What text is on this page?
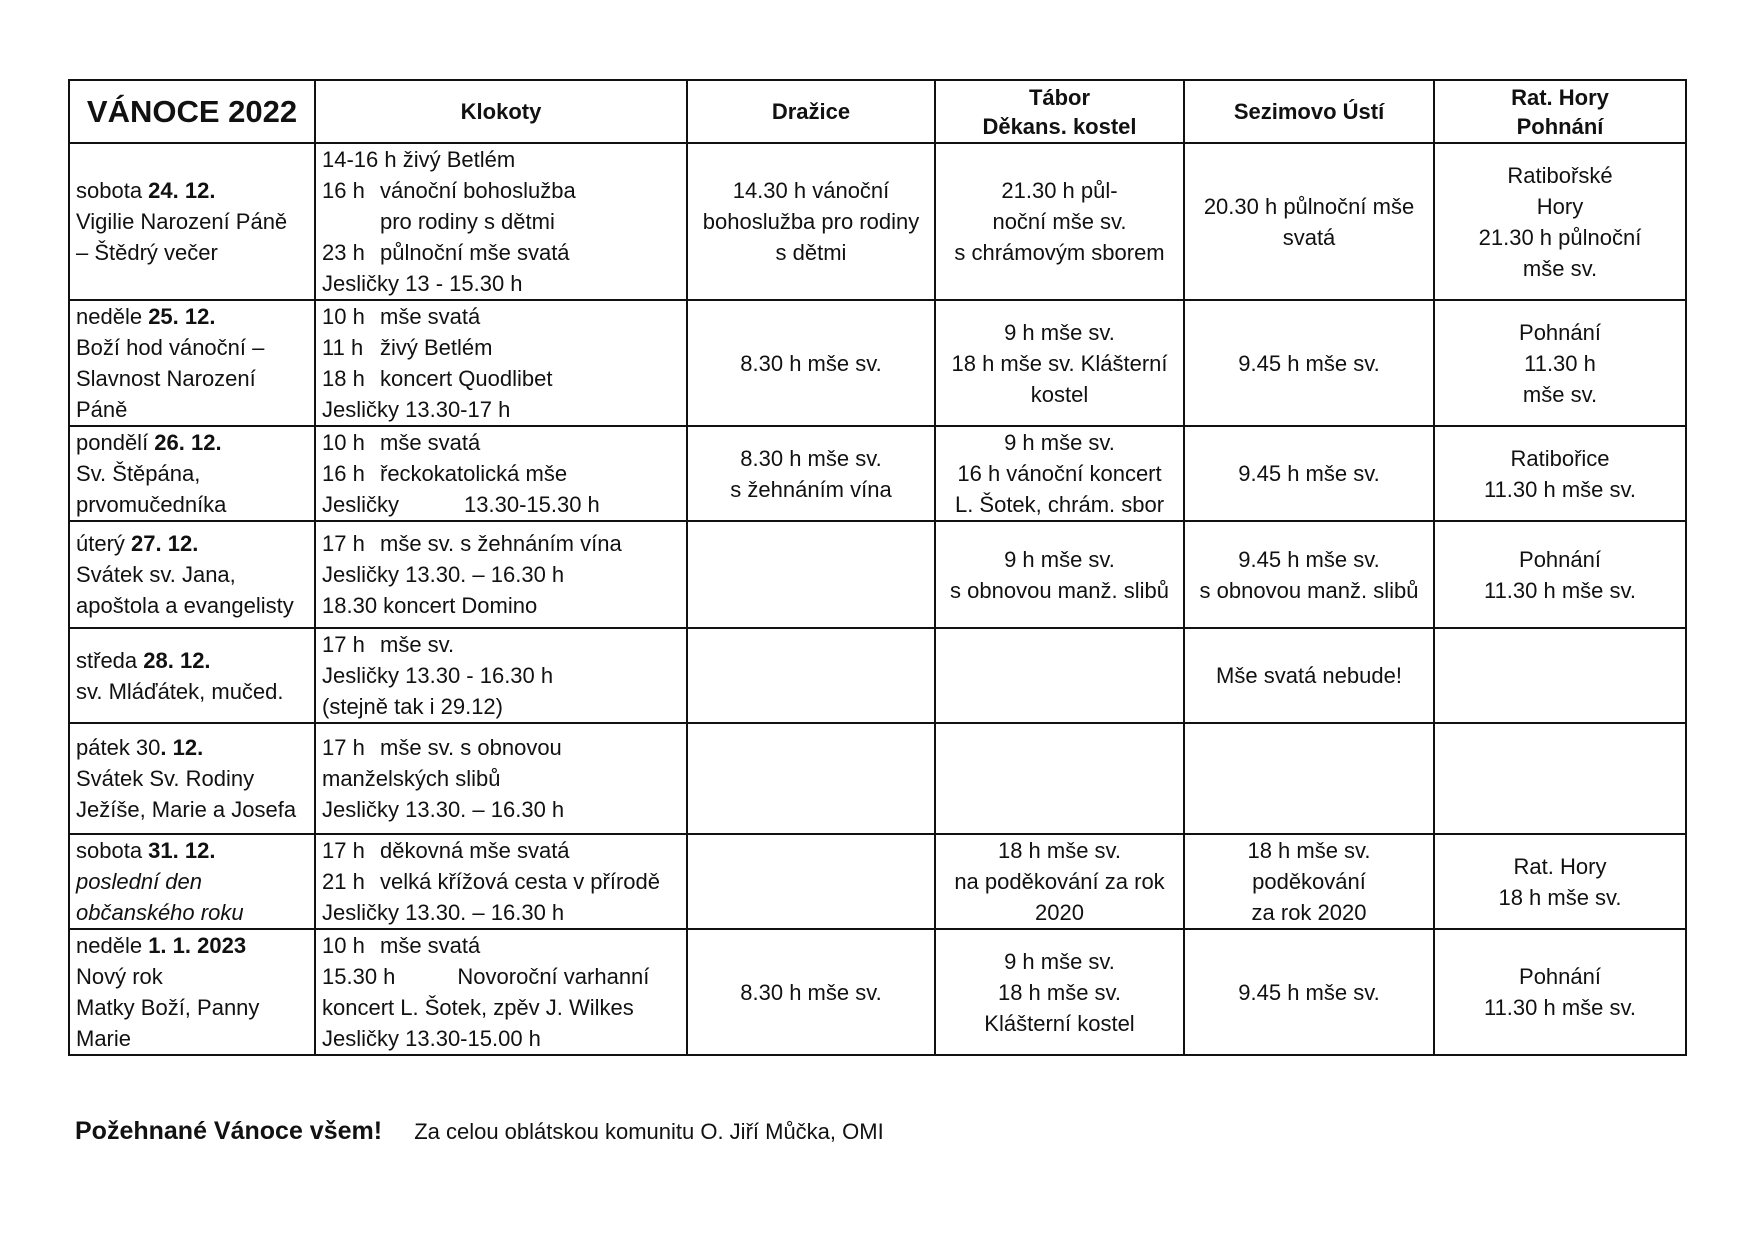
VÁNOCE 2022	Klokoty	Dražice	Tábor
Děkans. kostel	Sezimovo Ústí	Rat. Hory
Pohnání

sobota 24. 12.
Vigilie Narození Páně
– Štědrý večer	14-16 h živý Betlém
16 h vánoční bohoslužba
pro rodiny s dětmi
23 h půlnoční mše svatá
Jesličky 13 - 15.30 h	14.30 h vánoční
bohoslužba pro rodiny
s dětmi	21.30 h půl-
noční mše sv.
s chrámovým sborem	20.30 h půlnoční mše
svatá	Ratibořské
Hory
21.30 h půlnoční
mše sv.

neděle 25. 12.
Boží hod vánoční –
Slavnost Narození
Páně	10 h mše svatá
11 h živý Betlém
18 h koncert Quodlibet
Jesličky 13.30-17 h	8.30 h mše sv.	9 h mše sv.
18 h mše sv. Klášterní
kostel	9.45 h mše sv.	Pohnání
11.30 h
mše sv.

pondělí 26. 12.
Sv. Štěpána,
prvomučedníka	10 h mše svatá
16 h řeckokatolická mše
Jesličky 13.30-15.30 h	8.30 h mše sv.
s žehnáním vína	9 h mše sv.
16 h vánoční koncert
L. Šotek, chrám. sbor	9.45 h mše sv.	Ratibořice
11.30 h mše sv.

úterý 27. 12.
Svátek sv. Jana,
apoštola a evangelisty	17 h mše sv. s žehnáním vína
Jesličky 13.30. – 16.30 h
18.30 koncert Domino		9 h mše sv.
s obnovou manž. slibů	9.45 h mše sv.
s obnovou manž. slibů	Pohnání
11.30 h mše sv.

středa 28. 12.
sv. Mláďátek, mučed.	17 h mše sv.
Jesličky 13.30 - 16.30 h
(stejně tak i 29.12)			Mše svatá nebude!	

pátek 30. 12.
Svátek Sv. Rodiny
Ježíše, Marie a Josefa	17 h mše sv. s obnovou
manželských slibů
Jesličky 13.30. – 16.30 h				

sobota 31. 12.
poslední den
občanského roku	17 h děkovná mše svatá
21 h velká křížová cesta v přírodě
Jesličky 13.30. – 16.30 h		18 h mše sv.
na poděkování za rok
2020	18 h mše sv.
poděkování
za rok 2020	Rat. Hory
18 h mše sv.

neděle 1. 1. 2023
Nový rok
Matky Boží, Panny
Marie	10 h mše svatá
15.30 h Novoroční varhanní
koncert L. Šotek, zpěv J. Wilkes
Jesličky 13.30-15.00 h	8.30 h mše sv.	9 h mše sv.
18 h mše sv.
Klášterní kostel	9.45 h mše sv.	Pohnání
11.30 h mše sv.
Požehnané Vánoce všem! Za celou oblátskou komunitu O. Jiří Můčka, OMI
